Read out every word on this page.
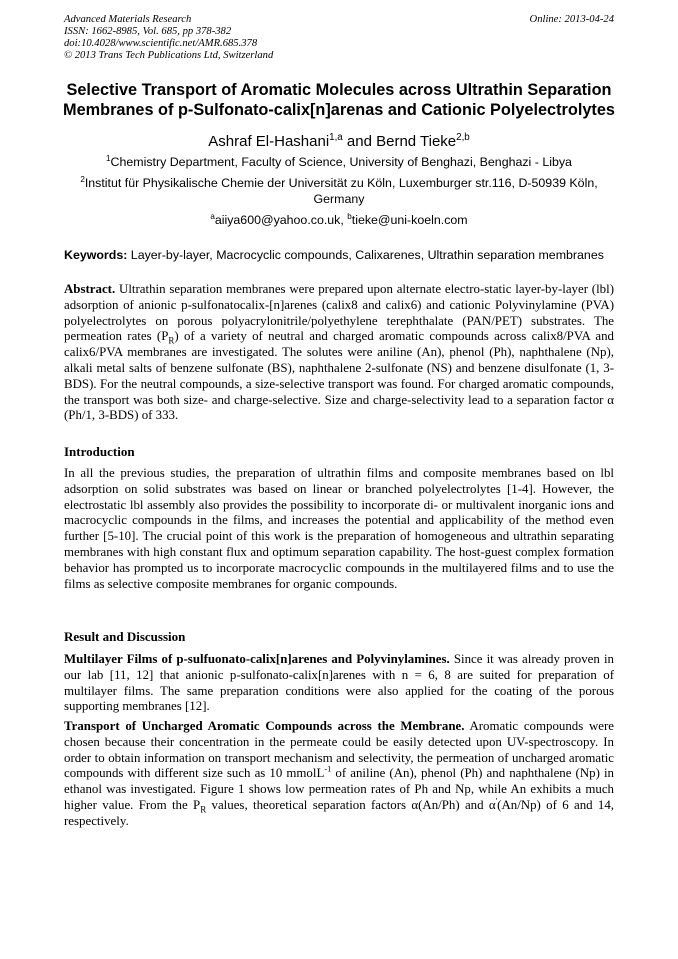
Advanced Materials Research
ISSN: 1662-8985, Vol. 685, pp 378-382
doi:10.4028/www.scientific.net/AMR.685.378
© 2013 Trans Tech Publications Ltd, Switzerland
Online: 2013-04-24
Selective Transport of Aromatic Molecules across Ultrathin Separation
Membranes of p-Sulfonato-calix[n]arenas and Cationic Polyelectrolytes
Ashraf El-Hashani$^{1,a}$ and Bernd Tieke$^{2,b}$
$^1$Chemistry Department, Faculty of Science, University of Benghazi, Benghazi - Libya
$^2$Institut für Physikalische Chemie der Universität zu Köln, Luxemburger str.116, D-50939 Köln, Germany
$^a$aiiya600@yahoo.co.uk, $^b$tieke@uni-koeln.com
Keywords: Layer-by-layer, Macrocyclic compounds, Calixarenes, Ultrathin separation membranes
Abstract. Ultrathin separation membranes were prepared upon alternate electro-static layer-by-layer (lbl) adsorption of anionic p-sulfonatocalix-[n]arenes (calix8 and calix6) and cationic Polyvinylamine (PVA) polyelectrolytes on porous polyacrylonitrile/polyethylene terephthalate (PAN/PET) substrates. The permeation rates $(P_R)$ of a variety of neutral and charged aromatic compounds across calix8/PVA and calix6/PVA membranes are investigated. The solutes were aniline (An), phenol (Ph), naphthalene (Np), alkali metal salts of benzene sulfonate (BS), naphthalene 2-sulfonate (NS) and benzene disulfonate (1, 3-BDS). For the neutral compounds, a size-selective transport was found. For charged aromatic compounds, the transport was both size- and charge-selective. Size and charge-selectivity lead to a separation factor α (Ph/1, 3-BDS) of 333.
Introduction
In all the previous studies, the preparation of ultrathin films and composite membranes based on lbl adsorption on solid substrates was based on linear or branched polyelectrolytes [1-4]. However, the electrostatic lbl assembly also provides the possibility to incorporate di- or multivalent inorganic ions and macrocyclic compounds in the films, and increases the potential and applicability of the method even further [5-10]. The crucial point of this work is the preparation of homogeneous and ultrathin separating membranes with high constant flux and optimum separation capability. The host-guest complex formation behavior has prompted us to incorporate macrocyclic compounds in the multilayered films and to use the films as selective composite membranes for organic compounds.
Result and Discussion
Multilayer Films of p-sulfuonato-calix[n]arenes and Polyvinylamines. Since it was already proven in our lab [11, 12] that anionic p-sulfonato-calix[n]arenes with n = 6, 8 are suited for preparation of multilayer films. The same preparation conditions were also applied for the coating of the porous supporting membranes [12].
Transport of Uncharged Aromatic Compounds across the Membrane. Aromatic compounds were chosen because their concentration in the permeate could be easily detected upon UV-spectroscopy. In order to obtain information on transport mechanism and selectivity, the permeation of uncharged aromatic compounds with different size such as 10 mmolL$^{-1}$ of aniline (An), phenol (Ph) and naphthalene (Np) in ethanol was investigated. Figure 1 shows low permeation rates of Ph and Np, while An exhibits a much higher value. From the $P_R$ values, theoretical separation factors α(An/Ph) and α'(An/Np) of 6 and 14, respectively.
